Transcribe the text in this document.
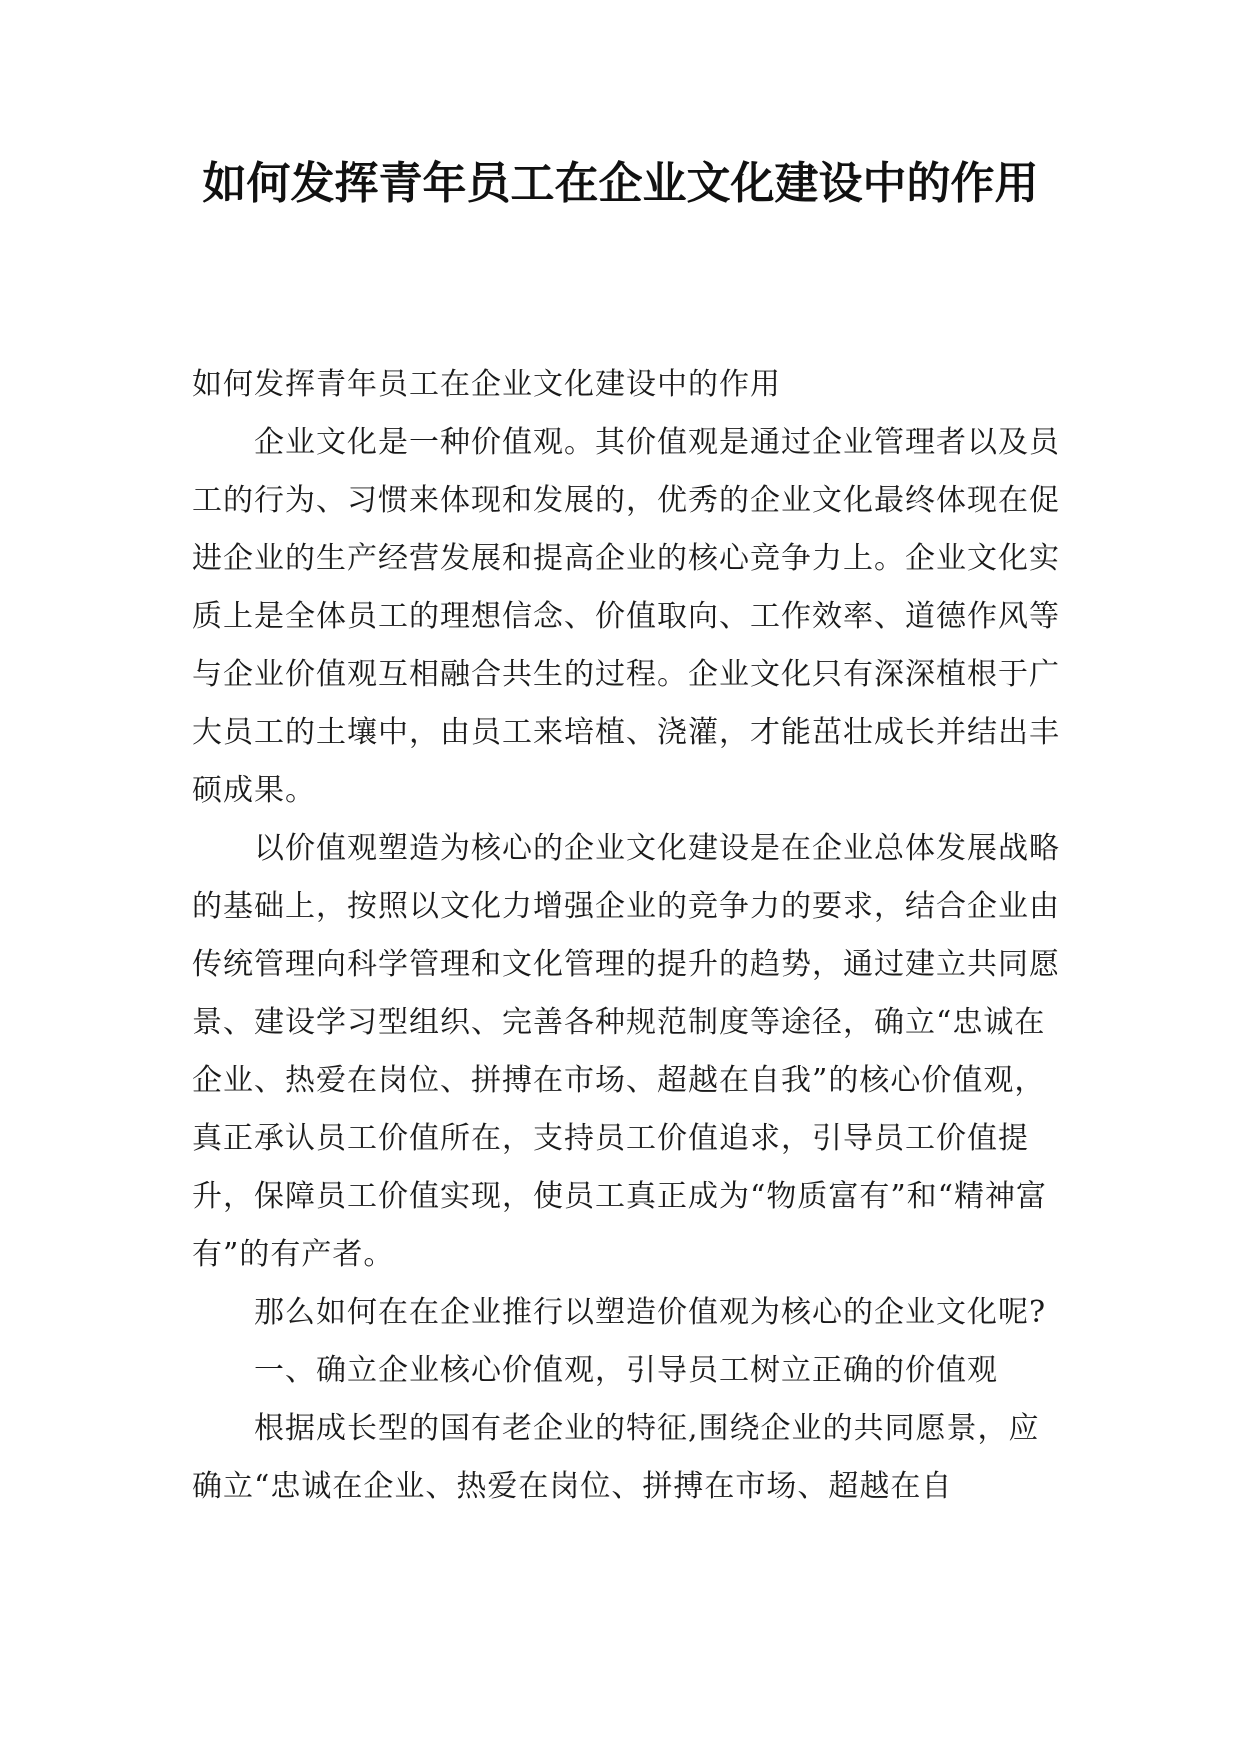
如何发挥青年员工在企业文化建设中的作用

如何发挥青年员工在企业文化建设中的作用

企业文化是一种价值观。其价值观是通过企业管理者以及员工的行为、习惯来体现和发展的，优秀的企业文化最终体现在促进企业的生产经营发展和提高企业的核心竞争力上。企业文化实质上是全体员工的理想信念、价值取向、工作效率、道德作风等与企业价值观互相融合共生的过程。企业文化只有深深植根于广大员工的土壤中，由员工来培植、浇灌，才能茁壮成长并结出丰硕成果。

以价值观塑造为核心的企业文化建设是在企业总体发展战略的基础上，按照以文化力增强企业的竞争力的要求，结合企业由传统管理向科学管理和文化管理的提升的趋势，通过建立共同愿景、建设学习型组织、完善各种规范制度等途径，确立“忠诚在企业、热爱在岗位、拼搏在市场、超越在自我”的核心价值观，真正承认员工价值所在，支持员工价值追求，引导员工价值提升，保障员工价值实现，使员工真正成为“物质富有”和“精神富有”的有产者。

那么如何在在企业推行以塑造价值观为核心的企业文化呢?

一、确立企业核心价值观，引导员工树立正确的价值观

根据成长型的国有老企业的特征,围绕企业的共同愿景，应确立“忠诚在企业、热爱在岗位、拼搏在市场、超越在自
